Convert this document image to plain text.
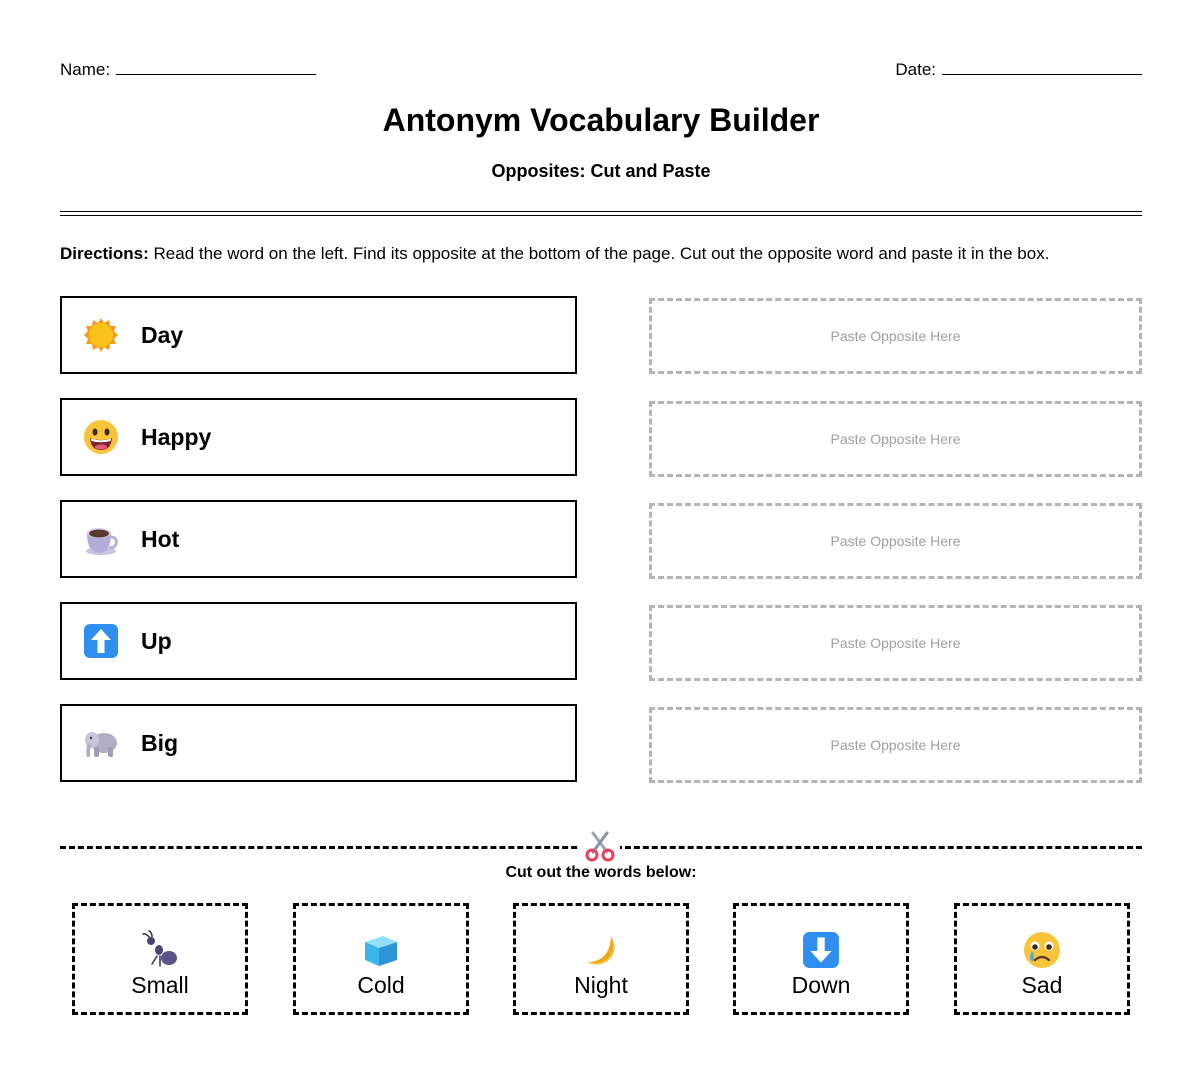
Name:	Date:
Antonym Vocabulary Builder
Opposites: Cut and Paste

Directions: Read the word on the left. Find its opposite at the bottom of the page. Cut out the opposite word and paste it in the box.

Day
Happy
Hot
Up
Big
Paste Opposite Here
Paste Opposite Here
Paste Opposite Here
Paste Opposite Here
Paste Opposite Here

Cut out the words below:

Small	Cold	Night	Down	Sad
